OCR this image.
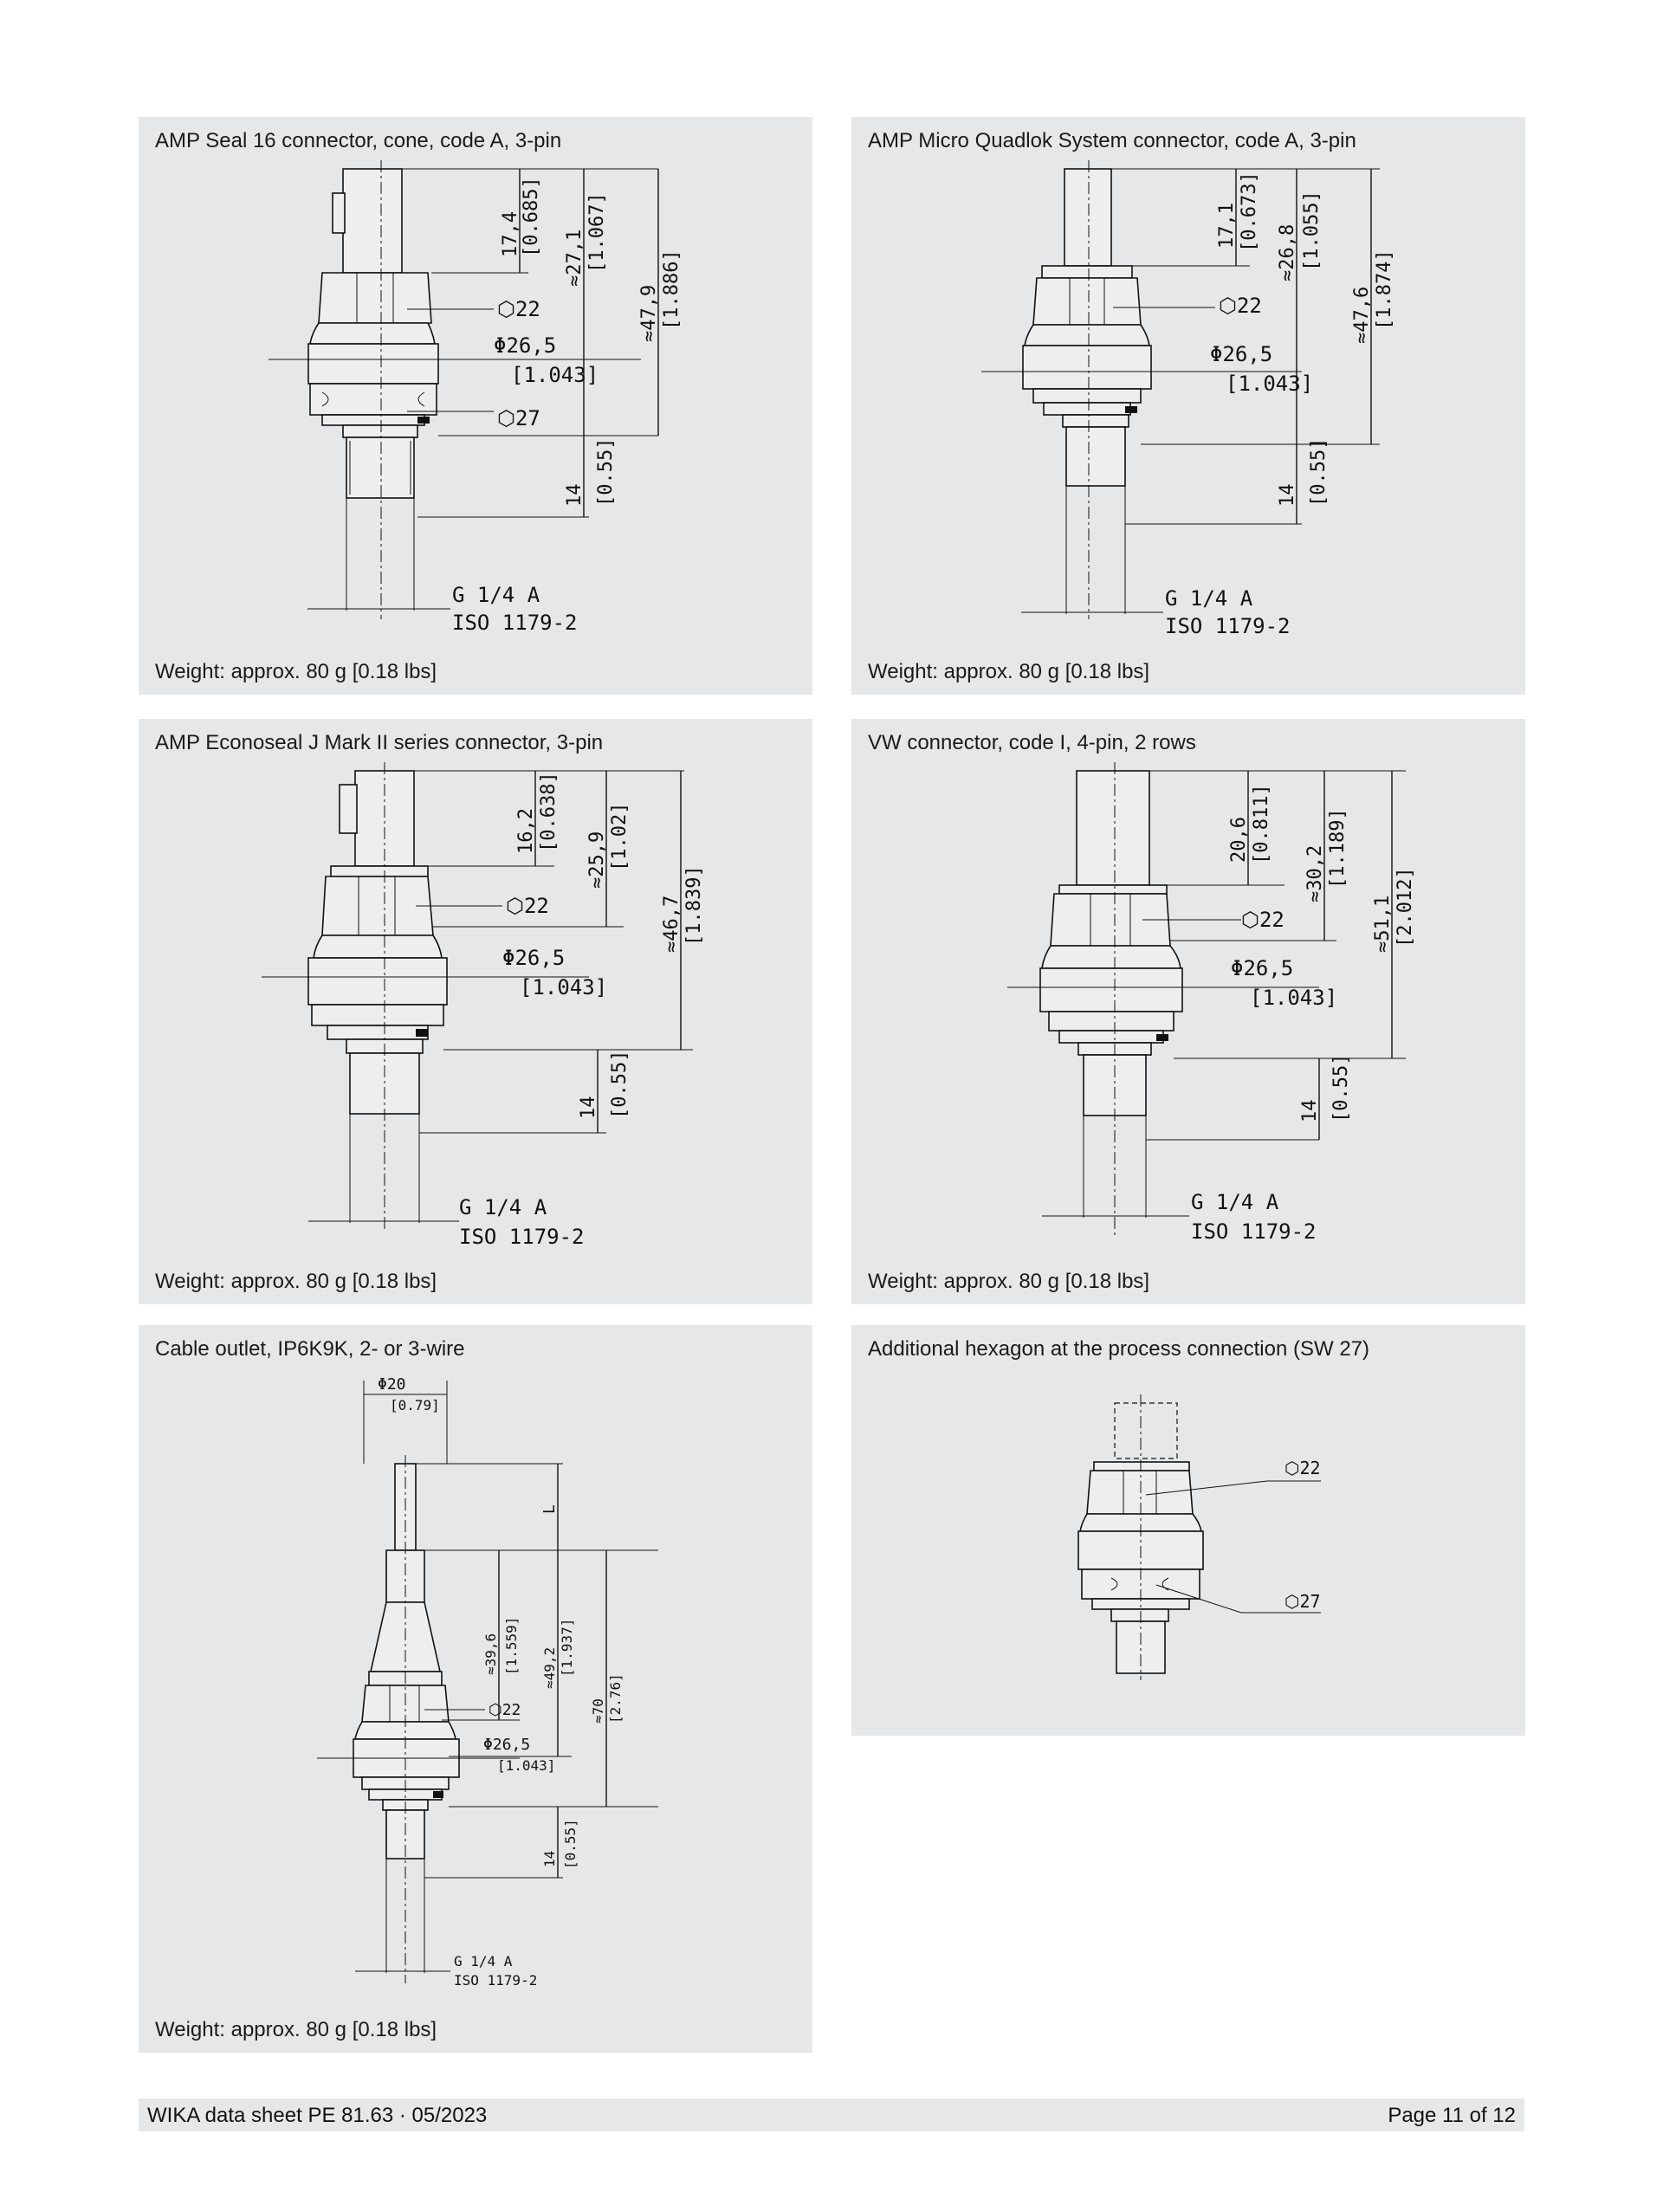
AMP Seal 16 connector, cone, code A, 3-pin
17,4 [0.685]
≈27,1 [1.067]
≈47,9 [1.886]
⬡22
Φ26,5
[1.043]
⬡27
14 [0.55]
G 1/4 A
ISO 1179-2
Weight: approx. 80 g [0.18 lbs]
AMP Micro Quadlok System connector, code A, 3-pin
17,1 [0.673]
≈26,8 [1.055]
≈47,6 [1.874]
⬡22
Φ26,5
[1.043]
14 [0.55]
G 1/4 A
ISO 1179-2
Weight: approx. 80 g [0.18 lbs]
AMP Econoseal J Mark II series connector, 3-pin
16,2 [0.638]
≈25,9 [1.02]
≈46,7 [1.839]
⬡22
Φ26,5
[1.043]
14 [0.55]
G 1/4 A
ISO 1179-2
Weight: approx. 80 g [0.18 lbs]
VW connector, code I, 4-pin, 2 rows
20,6 [0.811]
≈30,2 [1.189]
≈51,1 [2.012]
⬡22
Φ26,5
[1.043]
14 [0.55]
G 1/4 A
ISO 1179-2
Weight: approx. 80 g [0.18 lbs]
Cable outlet, IP6K9K, 2- or 3-wire
Φ20
[0.79]
L
≈39,6 [1.559] ≈49,2 [1.937]
≈70 [2.76]
⬡22
Φ26,5
[1.043]
14 [0.55]
G 1/4 A
ISO 1179-2
Weight: approx. 80 g [0.18 lbs]
Additional hexagon at the process connection (SW 27)
⬡22
⬡27
WIKA data sheet PE 81.63 · 05/2023	Page 11 of 12
